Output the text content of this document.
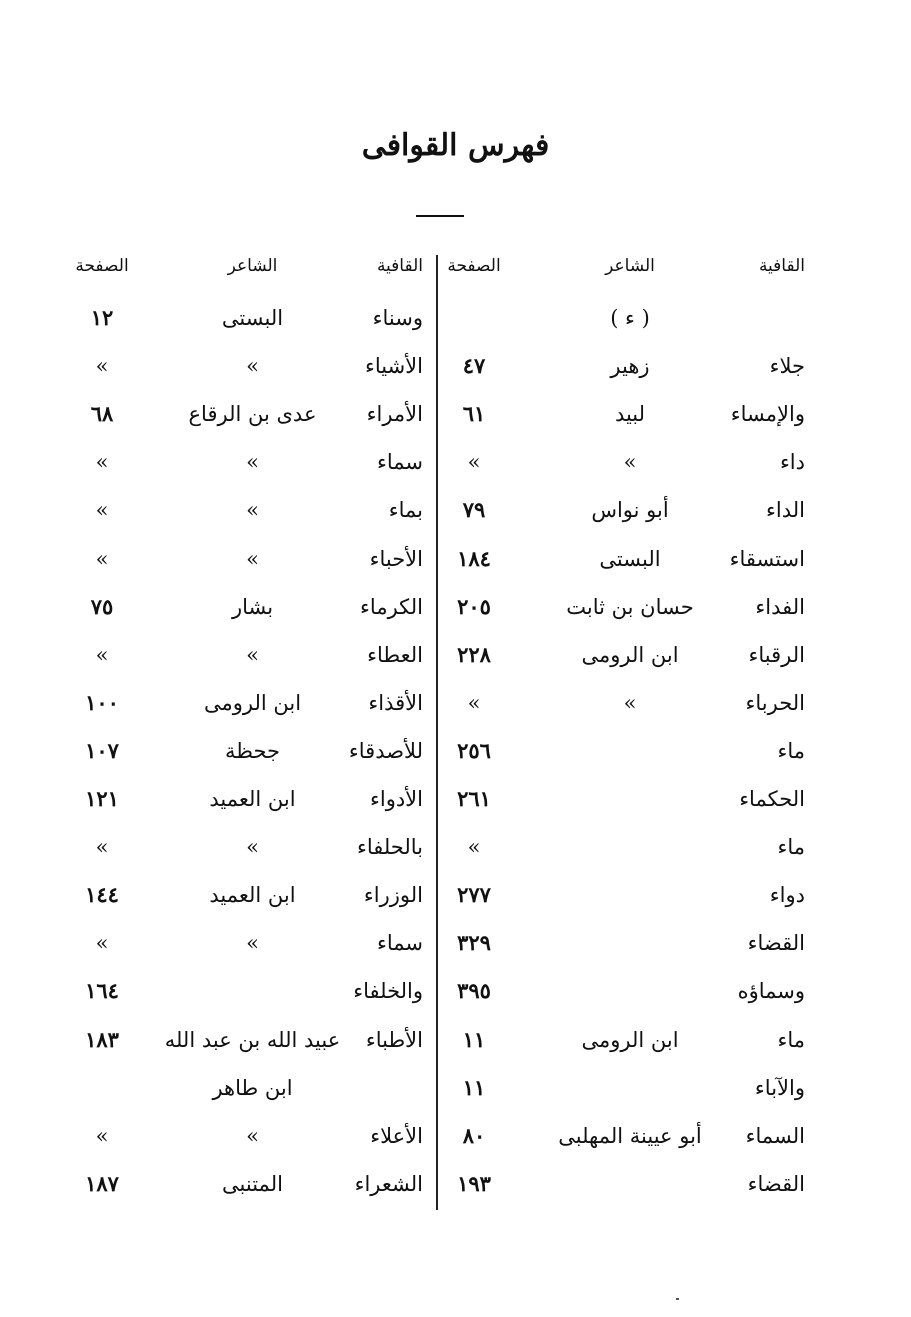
فهرس القوافى
القافية
الشاعر
الصفحة
القافية
الشاعر
الصفحة
( ء )
وسناء
البستى
١٢
جلاء
زهير
٤٧
الأشياء
»
»
والإمساء
لبيد
٦١
الأمراء
عدى بن الرقاع
٦٨
داء
»
»
سماء
»
»
الداء
أبو نواس
٧٩
بماء
»
»
استسقاء
البستى
١٨٤
الأحباء
»
»
الفداء
حسان بن ثابت
٢٠٥
الكرماء
بشار
٧٥
الرقباء
ابن الرومى
٢٢٨
العطاء
»
»
الحرباء
»
»
الأقذاء
ابن الرومى
١٠٠
ماء
٢٥٦
للأصدقاء
جحظة
١٠٧
الحكماء
٢٦١
الأدواء
ابن العميد
١٢١
ماء
»
بالحلفاء
»
»
دواء
٢٧٧
الوزراء
ابن العميد
١٤٤
القضاء
٣٢٩
سماء
»
»
وسماؤه
٣٩٥
والخلفاء
١٦٤
ماء
ابن الرومى
١١
الأطباء
عبيد الله بن عبد الله
١٨٣
والآباء
١١
ابن طاهر
السماء
أبو عيينة المهلبى
٨٠
الأعلاء
»
»
القضاء
١٩٣
الشعراء
المتنبى
١٨٧
